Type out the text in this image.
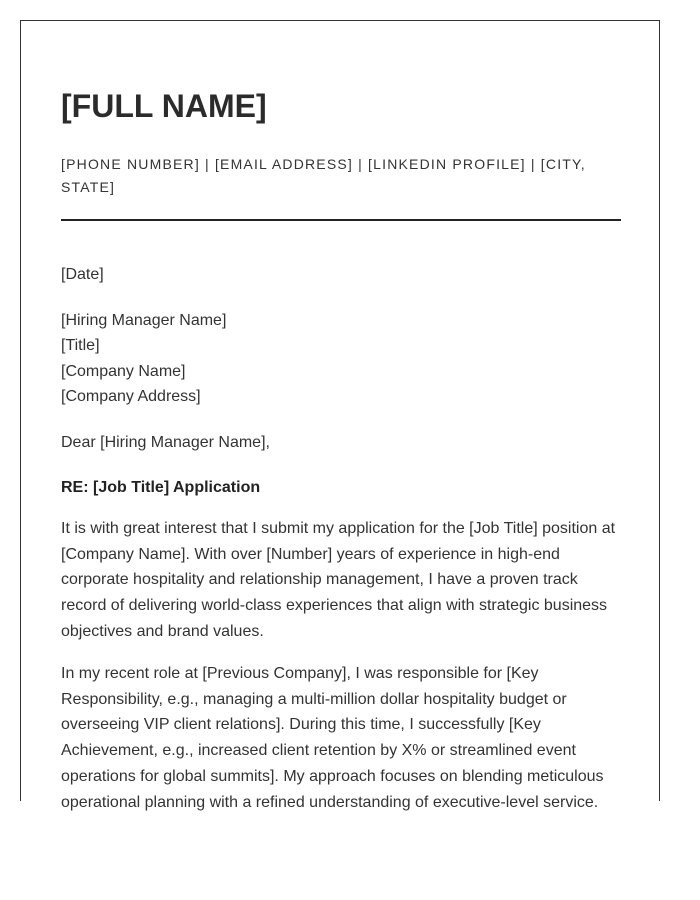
[FULL NAME]
[PHONE NUMBER] | [EMAIL ADDRESS] | [LINKEDIN PROFILE] | [CITY, STATE]
[Date]
[Hiring Manager Name]
[Title]
[Company Name]
[Company Address]
Dear [Hiring Manager Name],
RE: [Job Title] Application

It is with great interest that I submit my application for the [Job Title] position at [Company Name]. With over [Number] years of experience in high-end corporate hospitality and relationship management, I have a proven track record of delivering world-class experiences that align with strategic business objectives and brand values.

In my recent role at [Previous Company], I was responsible for [Key Responsibility, e.g., managing a multi-million dollar hospitality budget or overseeing VIP client relations]. During this time, I successfully [Key Achievement, e.g., increased client retention by X% or streamlined event operations for global summits]. My approach focuses on blending meticulous operational planning with a refined understanding of executive-level service.
